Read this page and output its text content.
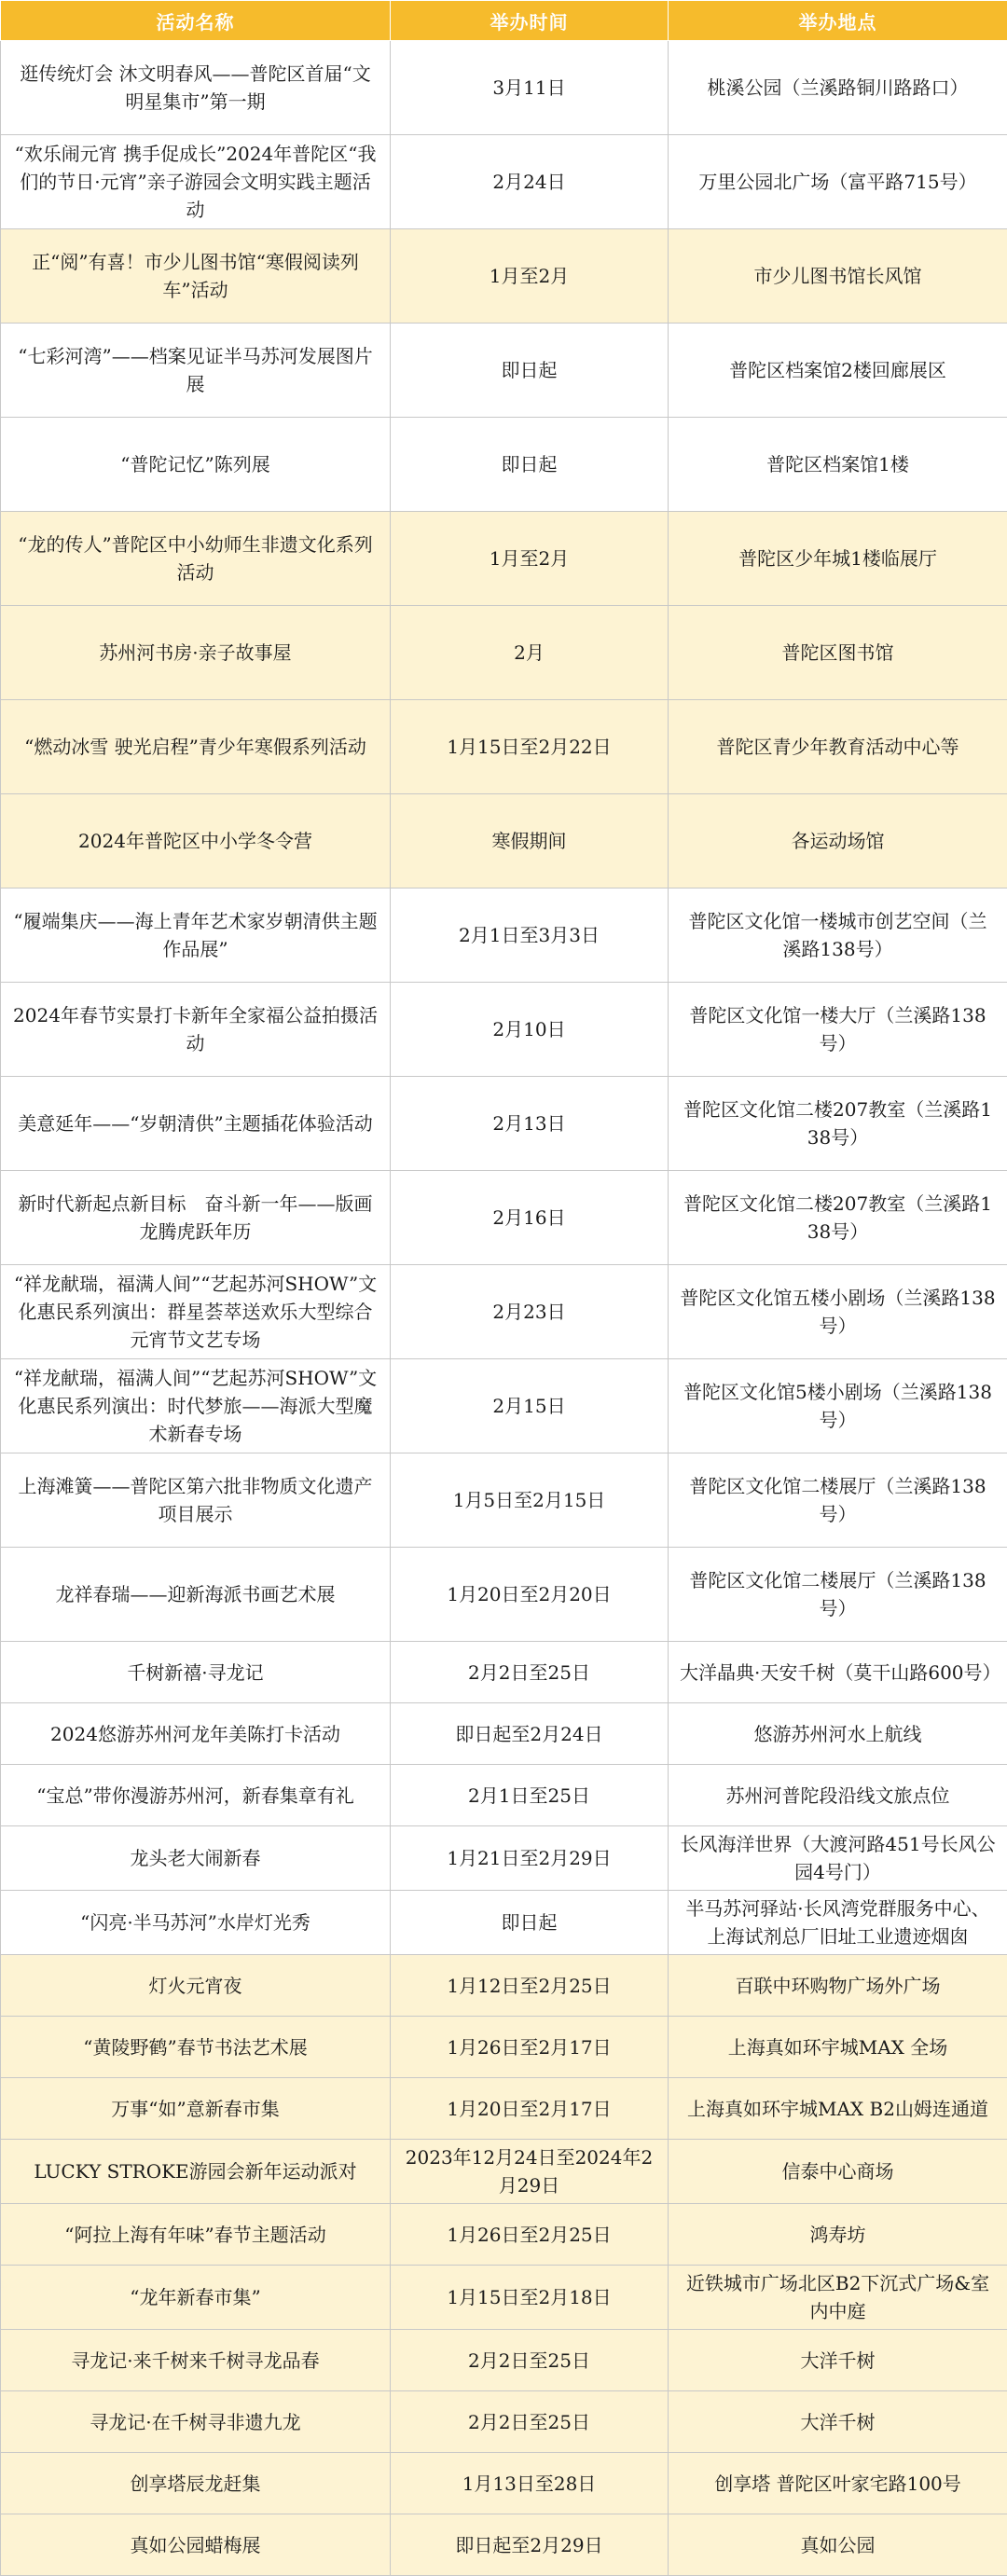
活动名称	举办时间	举办地点
逛传统灯会 沐文明春风——普陀区首届“文明星集市”第一期	3月11日	桃溪公园（兰溪路铜川路路口）
“欢乐闹元宵 携手促成长”2024年普陀区“我们的节日·元宵”亲子游园会文明实践主题活动	2月24日	万里公园北广场（富平路715号）
正“阅”有喜！市少儿图书馆“寒假阅读列车”活动	1月至2月	市少儿图书馆长风馆
“七彩河湾”——档案见证半马苏河发展图片展	即日起	普陀区档案馆2楼回廊展区
“普陀记忆”陈列展	即日起	普陀区档案馆1楼
“龙的传人”普陀区中小幼师生非遗文化系列活动	1月至2月	普陀区少年城1楼临展厅
苏州河书房·亲子故事屋	2月	普陀区图书馆
“燃动冰雪 驶光启程”青少年寒假系列活动	1月15日至2月22日	普陀区青少年教育活动中心等
2024年普陀区中小学冬令营	寒假期间	各运动场馆
“履端集庆——海上青年艺术家岁朝清供主题作品展”	2月1日至3月3日	普陀区文化馆一楼城市创艺空间（兰溪路138号）
2024年春节实景打卡新年全家福公益拍摄活动	2月10日	普陀区文化馆一楼大厅（兰溪路138号）
美意延年——“岁朝清供”主题插花体验活动	2月13日	普陀区文化馆二楼207教室（兰溪路138号）
新时代新起点新目标　奋斗新一年——版画龙腾虎跃年历	2月16日	普陀区文化馆二楼207教室（兰溪路138号）
“祥龙献瑞，福满人间”“艺起苏河SHOW”文化惠民系列演出：群星荟萃送欢乐大型综合元宵节文艺专场	2月23日	普陀区文化馆五楼小剧场（兰溪路138号）
“祥龙献瑞，福满人间”“艺起苏河SHOW”文化惠民系列演出：时代梦旅——海派大型魔术新春专场	2月15日	普陀区文化馆5楼小剧场（兰溪路138号）
上海滩簧——普陀区第六批非物质文化遗产项目展示	1月5日至2月15日	普陀区文化馆二楼展厅（兰溪路138号）
龙祥春瑞——迎新海派书画艺术展	1月20日至2月20日	普陀区文化馆二楼展厅（兰溪路138号）
千树新禧·寻龙记	2月2日至25日	大洋晶典·天安千树（莫干山路600号）
2024悠游苏州河龙年美陈打卡活动	即日起至2月24日	悠游苏州河水上航线
“宝总”带你漫游苏州河，新春集章有礼	2月1日至25日	苏州河普陀段沿线文旅点位
龙头老大闹新春	1月21日至2月29日	长风海洋世界（大渡河路451号长风公园4号门）
“闪亮·半马苏河”水岸灯光秀	即日起	半马苏河驿站·长风湾党群服务中心、上海试剂总厂旧址工业遗迹烟囱
灯火元宵夜	1月12日至2月25日	百联中环购物广场外广场
“黄陵野鹤”春节书法艺术展	1月26日至2月17日	上海真如环宇城MAX 全场
万事“如”意新春市集	1月20日至2月17日	上海真如环宇城MAX B2山姆连通道
LUCKY STROKE游园会新年运动派对	2023年12月24日至2024年2月29日	信泰中心商场
“阿拉上海有年味”春节主题活动	1月26日至2月25日	鸿寿坊
“龙年新春市集”	1月15日至2月18日	近铁城市广场北区B2下沉式广场&室内中庭
寻龙记·来千树来千树寻龙品春	2月2日至25日	大洋千树
寻龙记·在千树寻非遗九龙	2月2日至25日	大洋千树
创享塔辰龙赶集	1月13日至28日	创享塔 普陀区叶家宅路100号
真如公园蜡梅展	即日起至2月29日	真如公园
